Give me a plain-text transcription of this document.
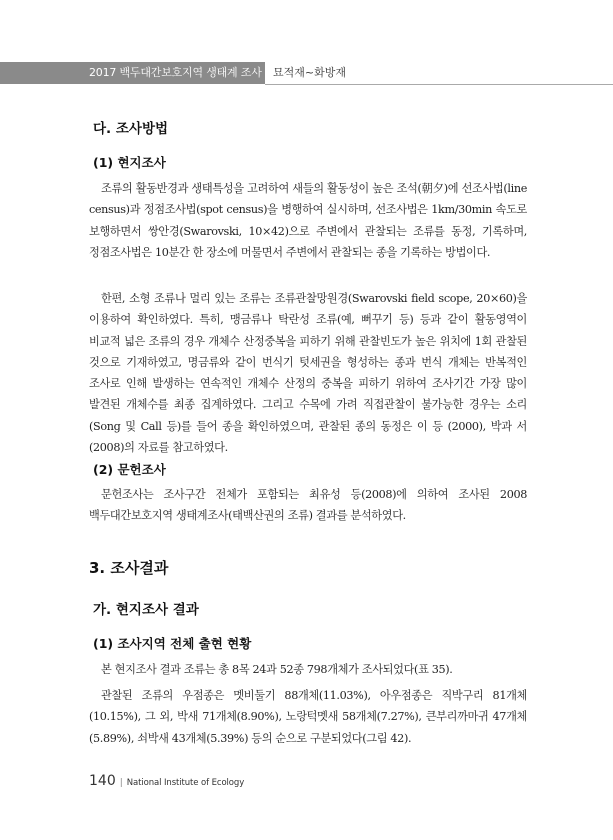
2017 백두대간보호지역 생태계 조사	묘적재~화방재
다. 조사방법
(1) 현지조사

조류의 활동반경과 생태특성을 고려하여 새들의 활동성이 높은 조석(朝夕)에 선조사법(line census)과 정점조사법(spot census)을 병행하여 실시하며, 선조사법은 1km/30min 속도로 보행하면서 쌍안경(Swarovski, 10×42)으로 주변에서 관찰되는 조류를 동정, 기록하며, 정점조사법은 10분간 한 장소에 머물면서 주변에서 관찰되는 종을 기록하는 방법이다.

한편, 소형 조류나 멀리 있는 조류는 조류관찰망원경(Swarovski field scope, 20×60)을 이용하여 확인하였다. 특히, 맹금류나 탁란성 조류(예, 뻐꾸기 등) 등과 같이 활동영역이 비교적 넓은 조류의 경우 개체수 산정중복을 피하기 위해 관찰빈도가 높은 위치에 1회 관찰된 것으로 기재하였고, 명금류와 같이 번식기 텃세권을 형성하는 종과 번식 개체는 반복적인 조사로 인해 발생하는 연속적인 개체수 산정의 중복을 피하기 위하여 조사기간 가장 많이 발견된 개체수를 최종 집계하였다. 그리고 수목에 가려 직접관찰이 불가능한 경우는 소리(Song 및 Call 등)를 들어 종을 확인하였으며, 관찰된 종의 동정은 이 등 (2000), 박과 서 (2008)의 자료를 참고하였다.

(2) 문헌조사

문헌조사는 조사구간 전체가 포함되는 최유성 등(2008)에 의하여 조사된 2008 백두대간보호지역 생태계조사(태백산권의 조류) 결과를 분석하였다.

3. 조사결과
가. 현지조사 결과
(1) 조사지역 전체 출현 현황

본 현지조사 결과 조류는 총 8목 24과 52종 798개체가 조사되었다(표 35).

관찰된 조류의 우점종은 멧비둘기 88개체(11.03%), 아우점종은 직박구리 81개체(10.15%), 그 외, 박새 71개체(8.90%), 노랑턱멧새 58개체(7.27%), 큰부리까마귀 47개체(5.89%), 쇠박새 43개체(5.39%) 등의 순으로 구분되었다(그림 42).

140 | National Institute of Ecology
